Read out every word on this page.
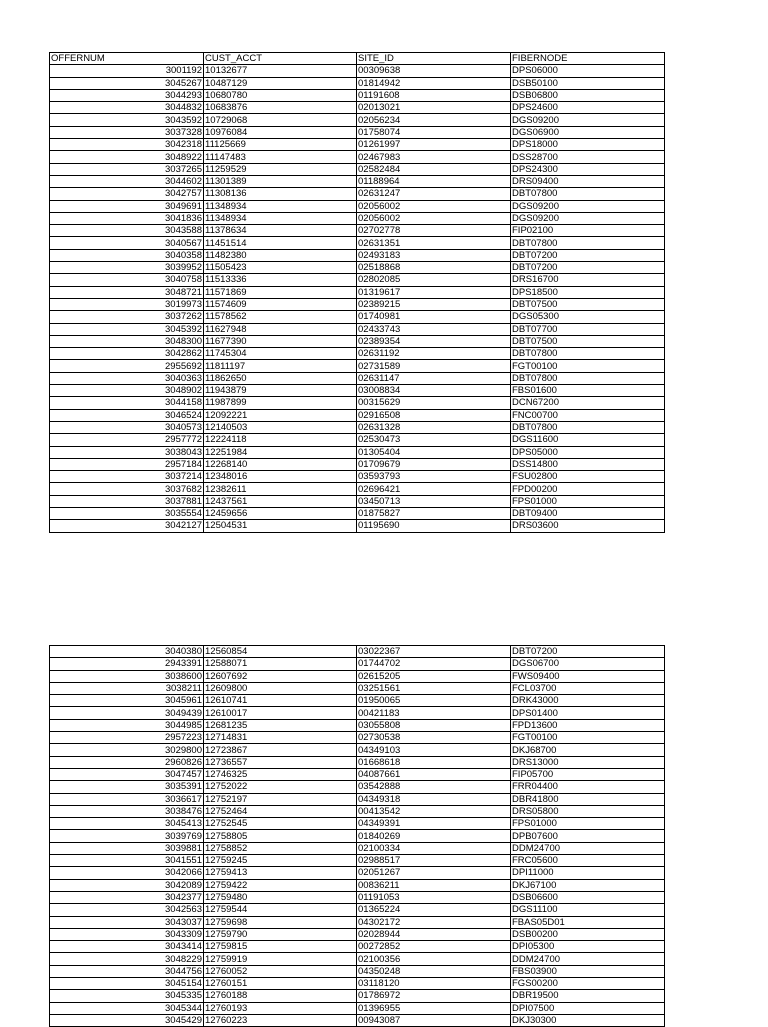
OFFERNUM	CUST_ACCT	SITE_ID	FIBERNODE
3001192	10132677	00309638	DPS06000
3045267	10487129	01814942	DSB50100
3044293	10680780	01191608	DSB06800
3044832	10683876	02013021	DPS24600
3043592	10729068	02056234	DGS09200
3037328	10976084	01758074	DGS06900
3042318	11125669	01261997	DPS18000
3048922	11147483	02467983	DSS28700
3037265	11259529	02582484	DPS24300
3044602	11301389	01188964	DRS09400
3042757	11308136	02631247	DBT07800
3049691	11348934	02056002	DGS09200
3041836	11348934	02056002	DGS09200
3043588	11378634	02702778	FIP02100
3040567	11451514	02631351	DBT07800
3040358	11482380	02493183	DBT07200
3039952	11505423	02518868	DBT07200
3040758	11513336	02802085	DRS16700
3048721	11571869	01319617	DPS18500
3019973	11574609	02389215	DBT07500
3037262	11578562	01740981	DGS05300
3045392	11627948	02433743	DBT07700
3048300	11677390	02389354	DBT07500
3042862	11745304	02631192	DBT07800
2955692	11811197	02731589	FGT00100
3040363	11862650	02631147	DBT07800
3048902	11943879	03008834	FBS01600
3044158	11987899	00315629	DCN67200
3046524	12092221	02916508	FNC00700
3040573	12140503	02631328	DBT07800
2957772	12224118	02530473	DGS11600
3038043	12251984	01305404	DPS05000
2957184	12268140	01709679	DSS14800
3037214	12348016	03593793	FSU02800
3037682	12382611	02696421	FPD00200
3037881	12437561	03450713	FPS01000
3035554	12459656	01875827	DBT09400
3042127	12504531	01195690	DRS03600
3040380	12560854	03022367	DBT07200
2943391	12588071	01744702	DGS06700
3038600	12607692	02615205	FWS09400
3038211	12609800	03251561	FCL03700
3045961	12610741	01950065	DRK43000
3049439	12610017	00421183	DPS01400
3044985	12681235	03055808	FPD13600
2957223	12714831	02730538	FGT00100
3029800	12723867	04349103	DKJ68700
2960826	12736557	01668618	DRS13000
3047457	12746325	04087661	FIP05700
3035391	12752022	03542888	FRR04400
3036617	12752197	04349318	DBR41800
3038476	12752464	00413542	DRS05800
3045413	12752545	04349391	FPS01000
3039769	12758805	01840269	DPB07600
3039881	12758852	02100334	DDM24700
3041551	12759245	02988517	FRC05600
3042066	12759413	02051267	DPI11000
3042089	12759422	00836211	DKJ67100
3042377	12759480	01191053	DSB06600
3042563	12759544	01365224	DGS11100
3043037	12759698	04302172	FBAS05D01
3043309	12759790	02028944	DSB00200
3043414	12759815	00272852	DPI05300
3048229	12759919	02100356	DDM24700
3044756	12760052	04350248	FBS03900
3045154	12760151	03118120	FGS00200
3045335	12760188	01786972	DBR19500
3045344	12760193	01396955	DPI07500
3045429	12760223	00943087	DKJ30300
